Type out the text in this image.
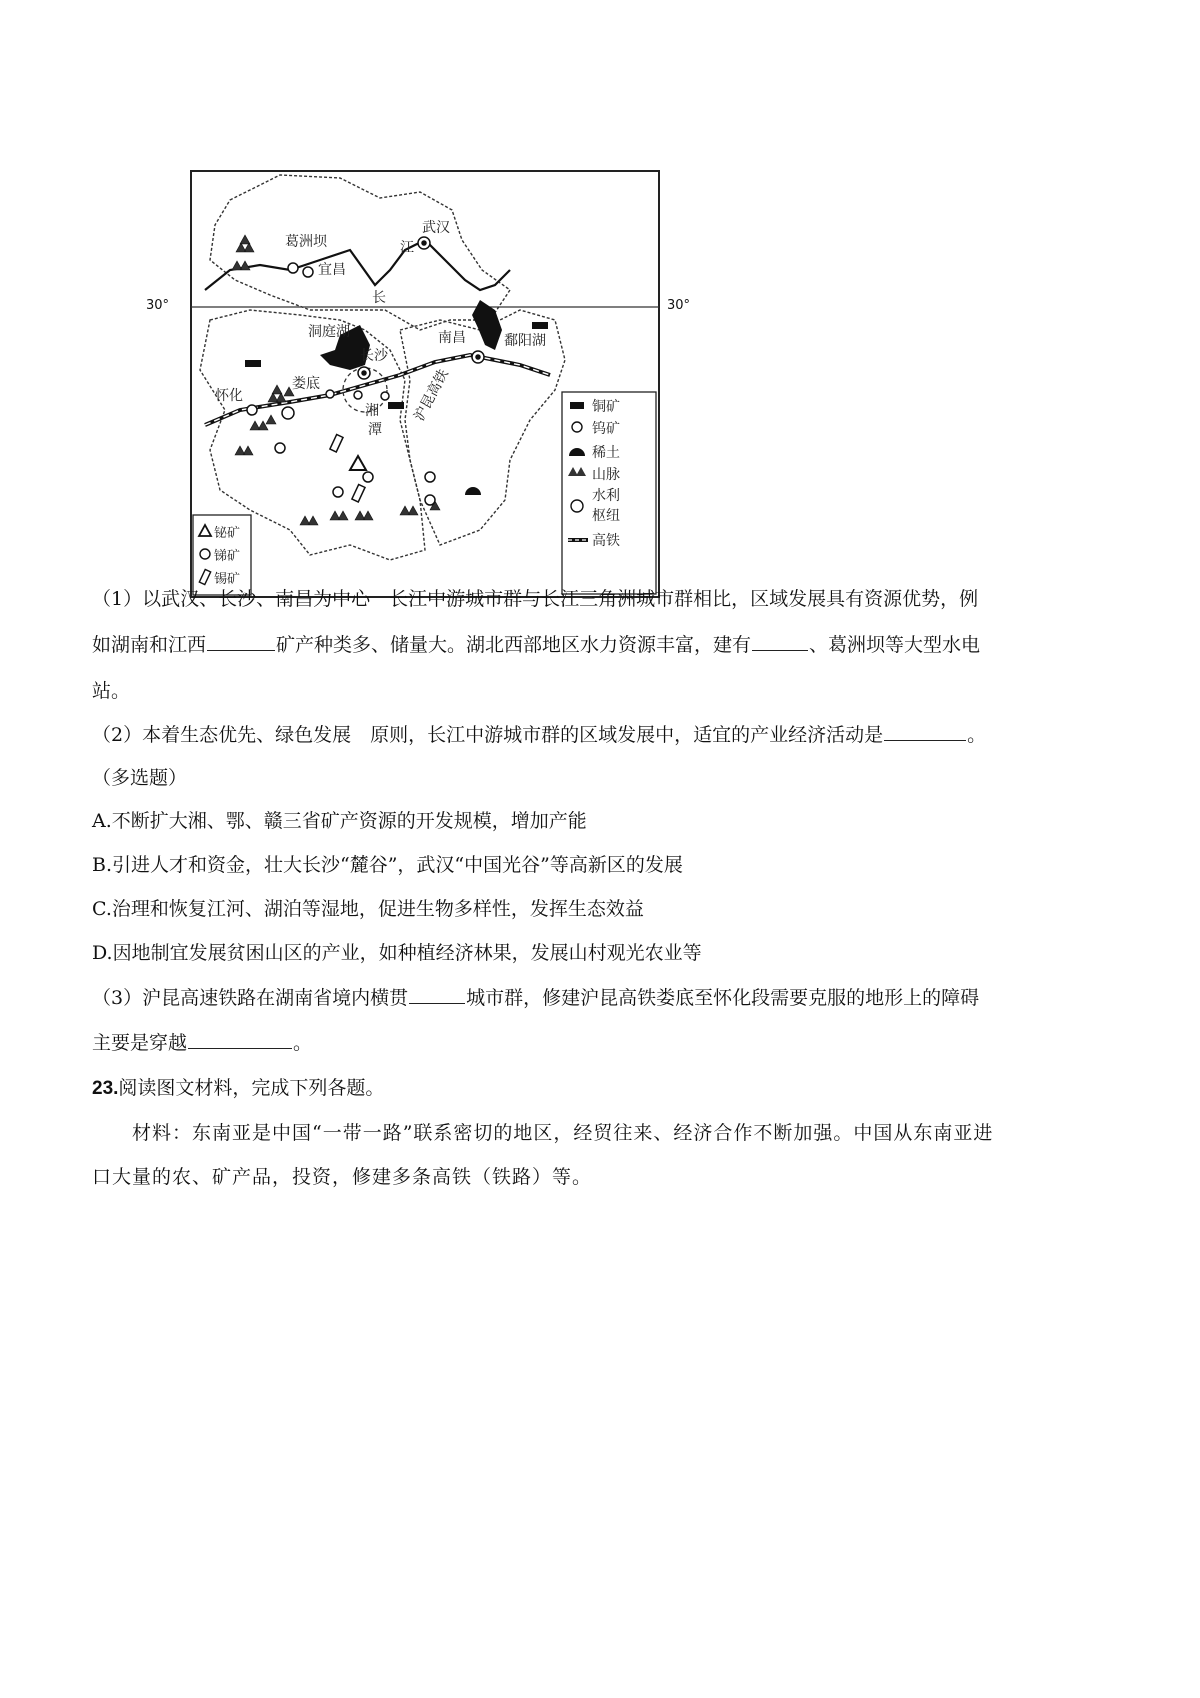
葛洲坝
宜昌
江
武汉
长
洞庭湖	南昌	鄱阳湖
长沙
怀化
娄底
湘
潭
沪昆高铁	铜矿
钨矿
稀土
山脉
水利
枢纽
高铁
铋矿
锑矿
锡矿
30°	30°
（1）以武汉、长沙、南昌为中心　长江中游城市群与长江三角洲城市群相比，区域发展具有资源优势，例
如湖南和江西	矿产种类多、储量大。湖北西部地区水力资源丰富，建有	、葛洲坝等大型水电
站。
（2）本着生态优先、绿色发展　原则，长江中游城市群的区域发展中，适宜的产业经济活动是	。
（多选题）
A.不断扩大湘、鄂、赣三省矿产资源的开发规模，增加产能
B.引进人才和资金，壮大长沙“麓谷”，武汉“中国光谷”等高新区的发展
C.治理和恢复江河、湖泊等湿地，促进生物多样性，发挥生态效益
D.因地制宜发展贫困山区的产业，如种植经济林果，发展山村观光农业等
（3）沪昆高速铁路在湖南省境内横贯	城市群，修建沪昆高铁娄底至怀化段需要克服的地形上的障碍
主要是穿越	。
23.阅读图文材料，完成下列各题。
材料：东南亚是中国“一带一路”联系密切的地区，经贸往来、经济合作不断加强。中国从东南亚进
口大量的农、矿产品，投资，修建多条高铁（铁路）等。
